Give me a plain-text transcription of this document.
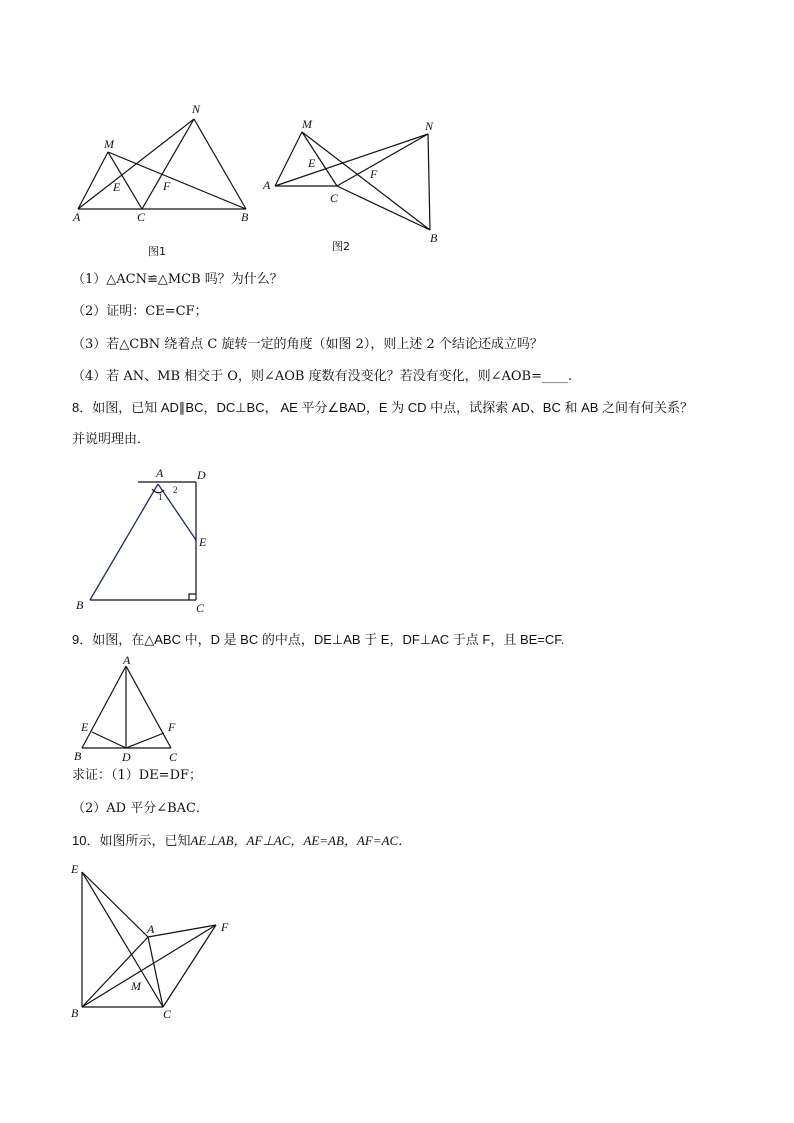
N
M
E	F
A	C	B
图1
M	N
E
F
A
C
B
图2
（1）△ACN≌△MCB 吗？为什么？
（2）证明：CE=CF；
（3）若△CBN 绕着点 C 旋转一定的角度（如图 2），则上述 2 个结论还成立吗？
（4）若 AN、MB 相交于 O，则∠AOB 度数有没变化？若没有变化，则∠AOB=____.
8．如图，已知 AD∥BC，DC⊥BC， AE 平分∠BAD，E 为 CD 中点，试探索 AD、BC 和 AB 之间有何关系？
并说明理由．
A	D
E
B	C
1
2
9．如图，在△ABC 中，D 是 BC 的中点，DE⊥AB 于 E，DF⊥AC 于点 F，且 BE=CF.
A
E	F
B	D	C
求证：（1）DE=DF；
（2）AD 平分∠BAC．
10．如图所示，已知AE⊥AB，AF⊥AC，AE=AB，AF=AC．
E
A	F
M
B	C
